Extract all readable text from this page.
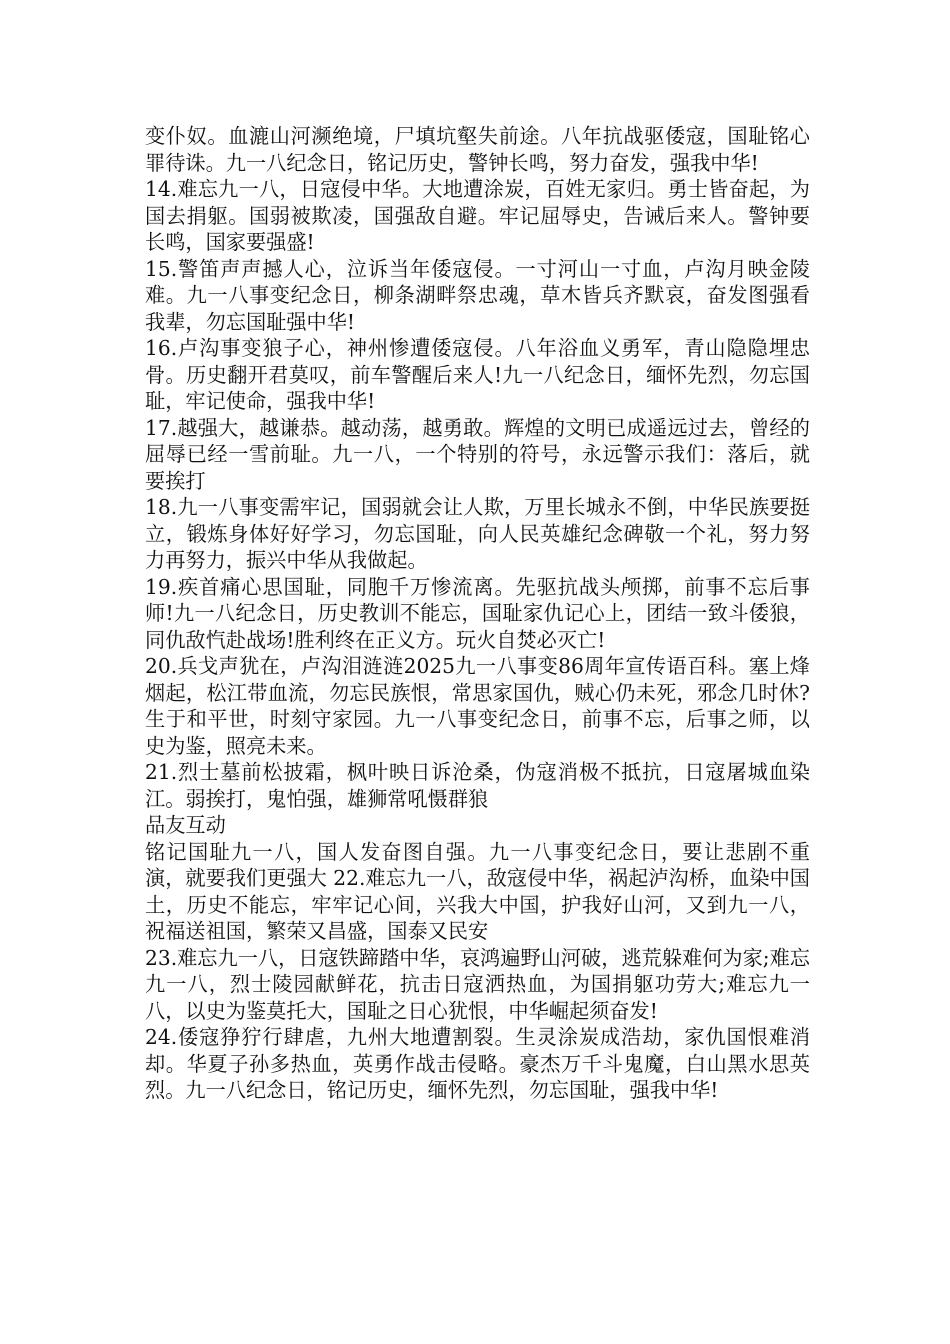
变仆奴。血漉山河濒绝境，尸填坑壑失前途。八年抗战驱倭寇，国耻铭心罪待诛。九一八纪念日，铭记历史，警钟长鸣，努力奋发，强我中华!

14.难忘九一八，日寇侵中华。大地遭涂炭，百姓无家归。勇士皆奋起，为国去捐躯。国弱被欺凌，国强敌自避。牢记屈辱史，告诫后来人。警钟要长鸣，国家要强盛!

15.警笛声声撼人心，泣诉当年倭寇侵。一寸河山一寸血，卢沟月映金陵难。九一八事变纪念日，柳条湖畔祭忠魂，草木皆兵齐默哀，奋发图强看我辈，勿忘国耻强中华!

16.卢沟事变狼子心，神州惨遭倭寇侵。八年浴血义勇军，青山隐隐埋忠骨。历史翻开君莫叹，前车警醒后来人!九一八纪念日，缅怀先烈，勿忘国耻，牢记使命，强我中华!

17.越强大，越谦恭。越动荡，越勇敢。辉煌的文明已成遥远过去，曾经的屈辱已经一雪前耻。九一八，一个特别的符号，永远警示我们：落后，就要挨打

18.九一八事变需牢记，国弱就会让人欺，万里长城永不倒，中华民族要挺立，锻炼身体好好学习，勿忘国耻，向人民英雄纪念碑敬一个礼，努力努力再努力，振兴中华从我做起。

19.疾首痛心思国耻，同胞千万惨流离。先驱抗战头颅掷，前事不忘后事师!九一八纪念日，历史教训不能忘，国耻家仇记心上，团结一致斗倭狼，同仇敌忾赴战场!胜利终在正义方。玩火自焚必灭亡!

20.兵戈声犹在，卢沟泪涟涟2025九一八事变86周年宣传语百科。塞上烽烟起，松江带血流，勿忘民族恨，常思家国仇，贼心仍未死，邪念几时休?生于和平世，时刻守家园。九一八事变纪念日，前事不忘，后事之师，以史为鉴，照亮未来。

21.烈士墓前松披霜，枫叶映日诉沧桑，伪寇消极不抵抗，日寇屠城血染江。弱挨打，鬼怕强，雄狮常吼慑群狼

品友互动

铭记国耻九一八，国人发奋图自强。九一八事变纪念日，要让悲剧不重演，就要我们更强大 22.难忘九一八，敌寇侵中华，祸起泸沟桥，血染中国土，历史不能忘，牢牢记心间，兴我大中国，护我好山河，又到九一八，祝福送祖国，繁荣又昌盛，国泰又民安

23.难忘九一八，日寇铁蹄踏中华，哀鸿遍野山河破，逃荒躲难何为家;难忘九一八，烈士陵园献鲜花，抗击日寇洒热血，为国捐躯功劳大;难忘九一八，以史为鉴莫托大，国耻之日心犹恨，中华崛起须奋发!

24.倭寇狰狞行肆虐，九州大地遭割裂。生灵涂炭成浩劫，家仇国恨难消却。华夏子孙多热血，英勇作战击侵略。豪杰万千斗鬼魔，白山黑水思英烈。九一八纪念日，铭记历史，缅怀先烈，勿忘国耻，强我中华!
